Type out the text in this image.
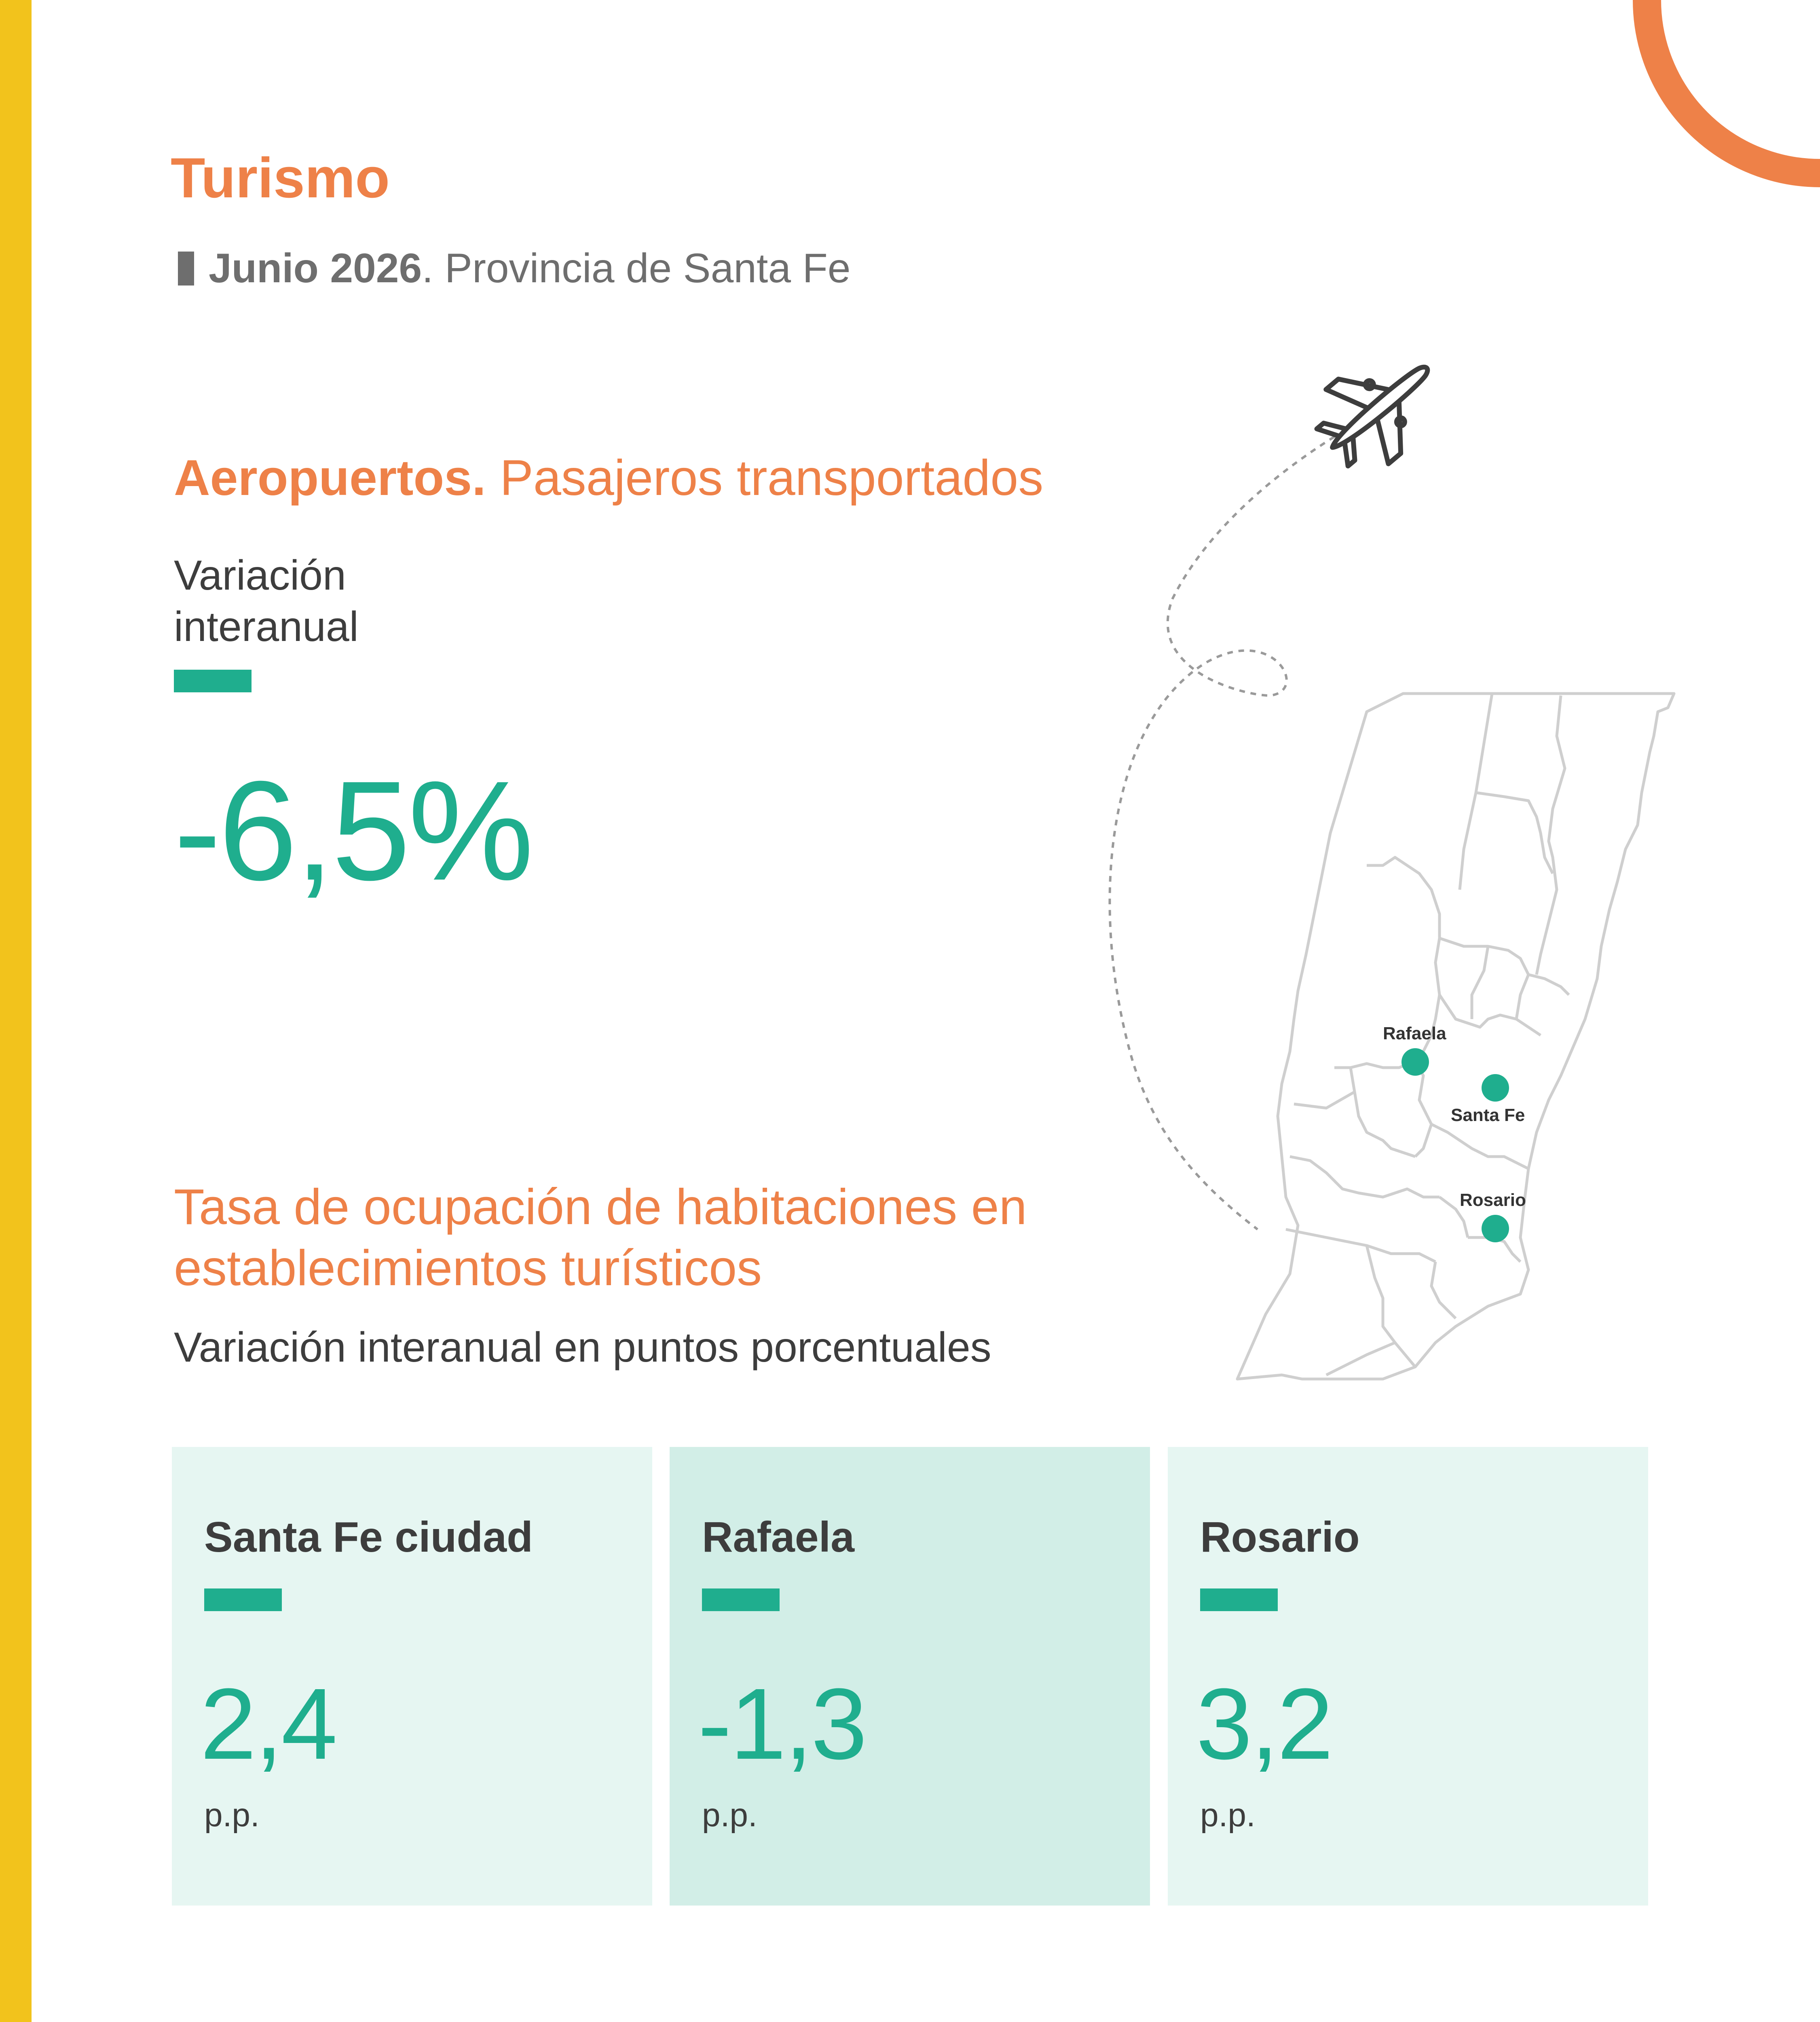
Turismo
Junio 2026. Provincia de Santa Fe
Aeropuertos. Pasajeros transportados
Variación interanual
-6,5%
Rafaela
Santa Fe
Rosario
Tasa de ocupación de habitaciones en establecimientos turísticos
Variación interanual en puntos porcentuales
Santa Fe ciudad
2,4
p.p.
Rafaela
-1,3
p.p.
Rosario
3,2
p.p.
